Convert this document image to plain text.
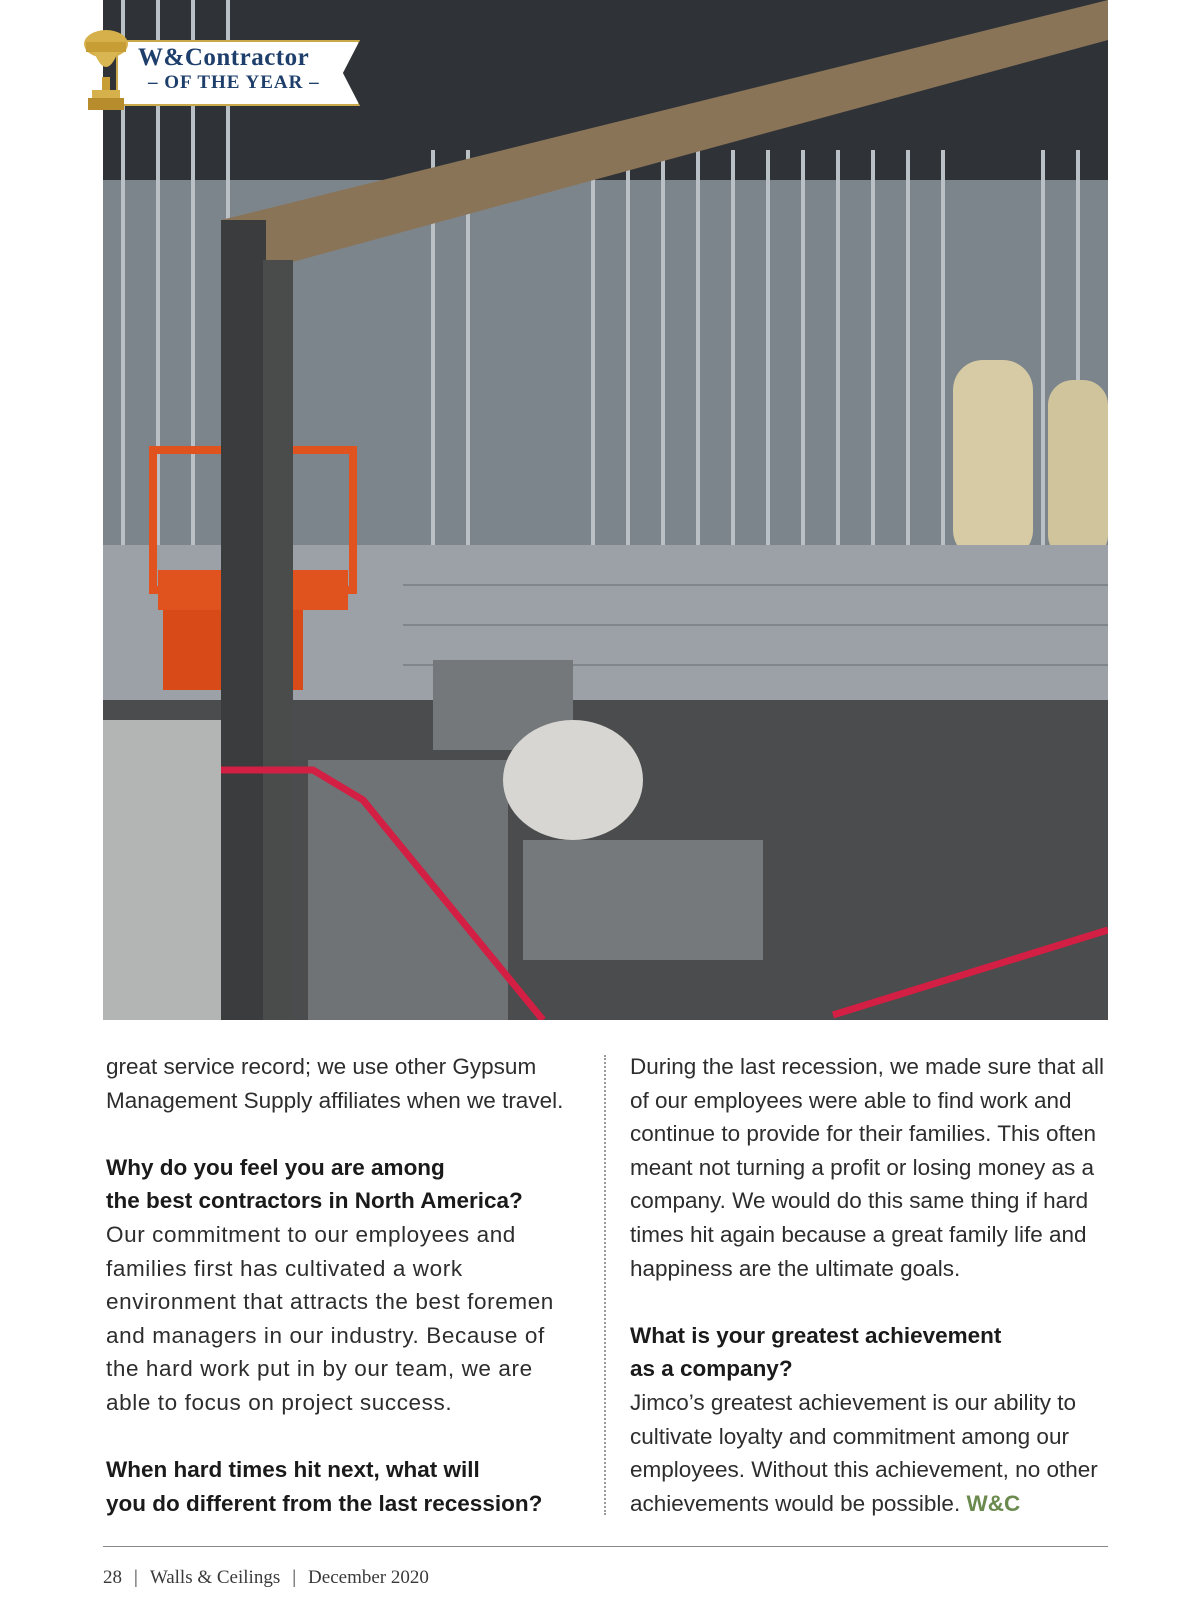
W&Contractor
– OF THE YEAR –

great service record; we use other Gypsum Management Supply affiliates when we travel.

Why do you feel you are among

the best contractors in North America?

Our commitment to our employees and families first has cultivated a work environment that attracts the best foremen and managers in our industry. Because of the hard work put in by our team, we are able to focus on project success.

When hard times hit next, what will

you do different from the last recession?

During the last recession, we made sure that all of our employees were able to find work and continue to provide for their families. This often meant not turning a profit or losing money as a company. We would do this same thing if hard times hit again because a great family life and happiness are the ultimate goals.

What is your greatest achievement

as a company?

Jimco’s greatest achievement is our ability to cultivate loyalty and commitment among our employees. Without this achievement, no other achievements would be possible. W&C

28 | Walls & Ceilings | December 2020
